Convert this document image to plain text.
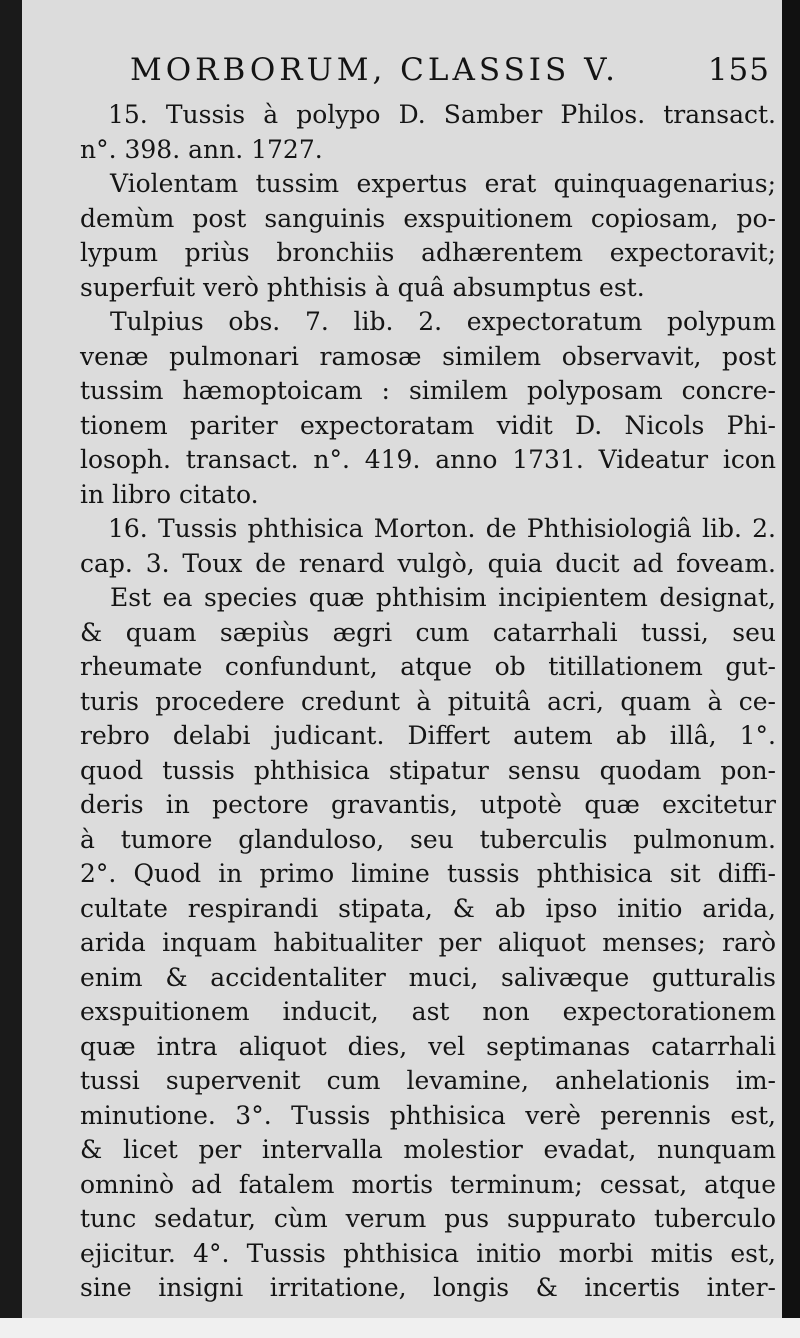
MORBORUM, CLASSIS V.	155
15. Tussis à polypo D. Samber Philos. transact.
n°. 398. ann. 1727.
Violentam tussim expertus erat quinquagenarius;
demùm post sanguinis exspuitionem copiosam, po-
lypum priùs bronchiis adhærentem expectoravit;
superfuit verò phthisis à quâ absumptus est.
Tulpius obs. 7. lib. 2. expectoratum polypum
venæ pulmonari ramosæ similem observavit, post
tussim hæmoptoicam : similem polyposam concre-
tionem pariter expectoratam vidit D. Nicols Phi-
losoph. transact. n°. 419. anno 1731. Videatur icon
in libro citato.
16. Tussis phthisica Morton. de Phthisiologiâ lib. 2.
cap. 3. Toux de renard vulgò, quia ducit ad foveam.
Est ea species quæ phthisim incipientem designat,
& quam sæpiùs ægri cum catarrhali tussi, seu
rheumate confundunt, atque ob titillationem gut-
turis procedere credunt à pituitâ acri, quam à ce-
rebro delabi judicant. Differt autem ab illâ, 1°.
quod tussis phthisica stipatur sensu quodam pon-
deris in pectore gravantis, utpotè quæ excitetur
à tumore glanduloso, seu tuberculis pulmonum.
2°. Quod in primo limine tussis phthisica sit diffi-
cultate respirandi stipata, & ab ipso initio arida,
arida inquam habitualiter per aliquot menses; rarò
enim & accidentaliter muci, salivæque gutturalis
exspuitionem inducit, ast non expectorationem
quæ intra aliquot dies, vel septimanas catarrhali
tussi supervenit cum levamine, anhelationis im-
minutione. 3°. Tussis phthisica verè perennis est,
& licet per intervalla molestior evadat, nunquam
omninò ad fatalem mortis terminum; cessat, atque
tunc sedatur, cùm verum pus suppurato tuberculo
ejicitur. 4°. Tussis phthisica initio morbi mitis est,
sine insigni irritatione, longis & incertis inter-
